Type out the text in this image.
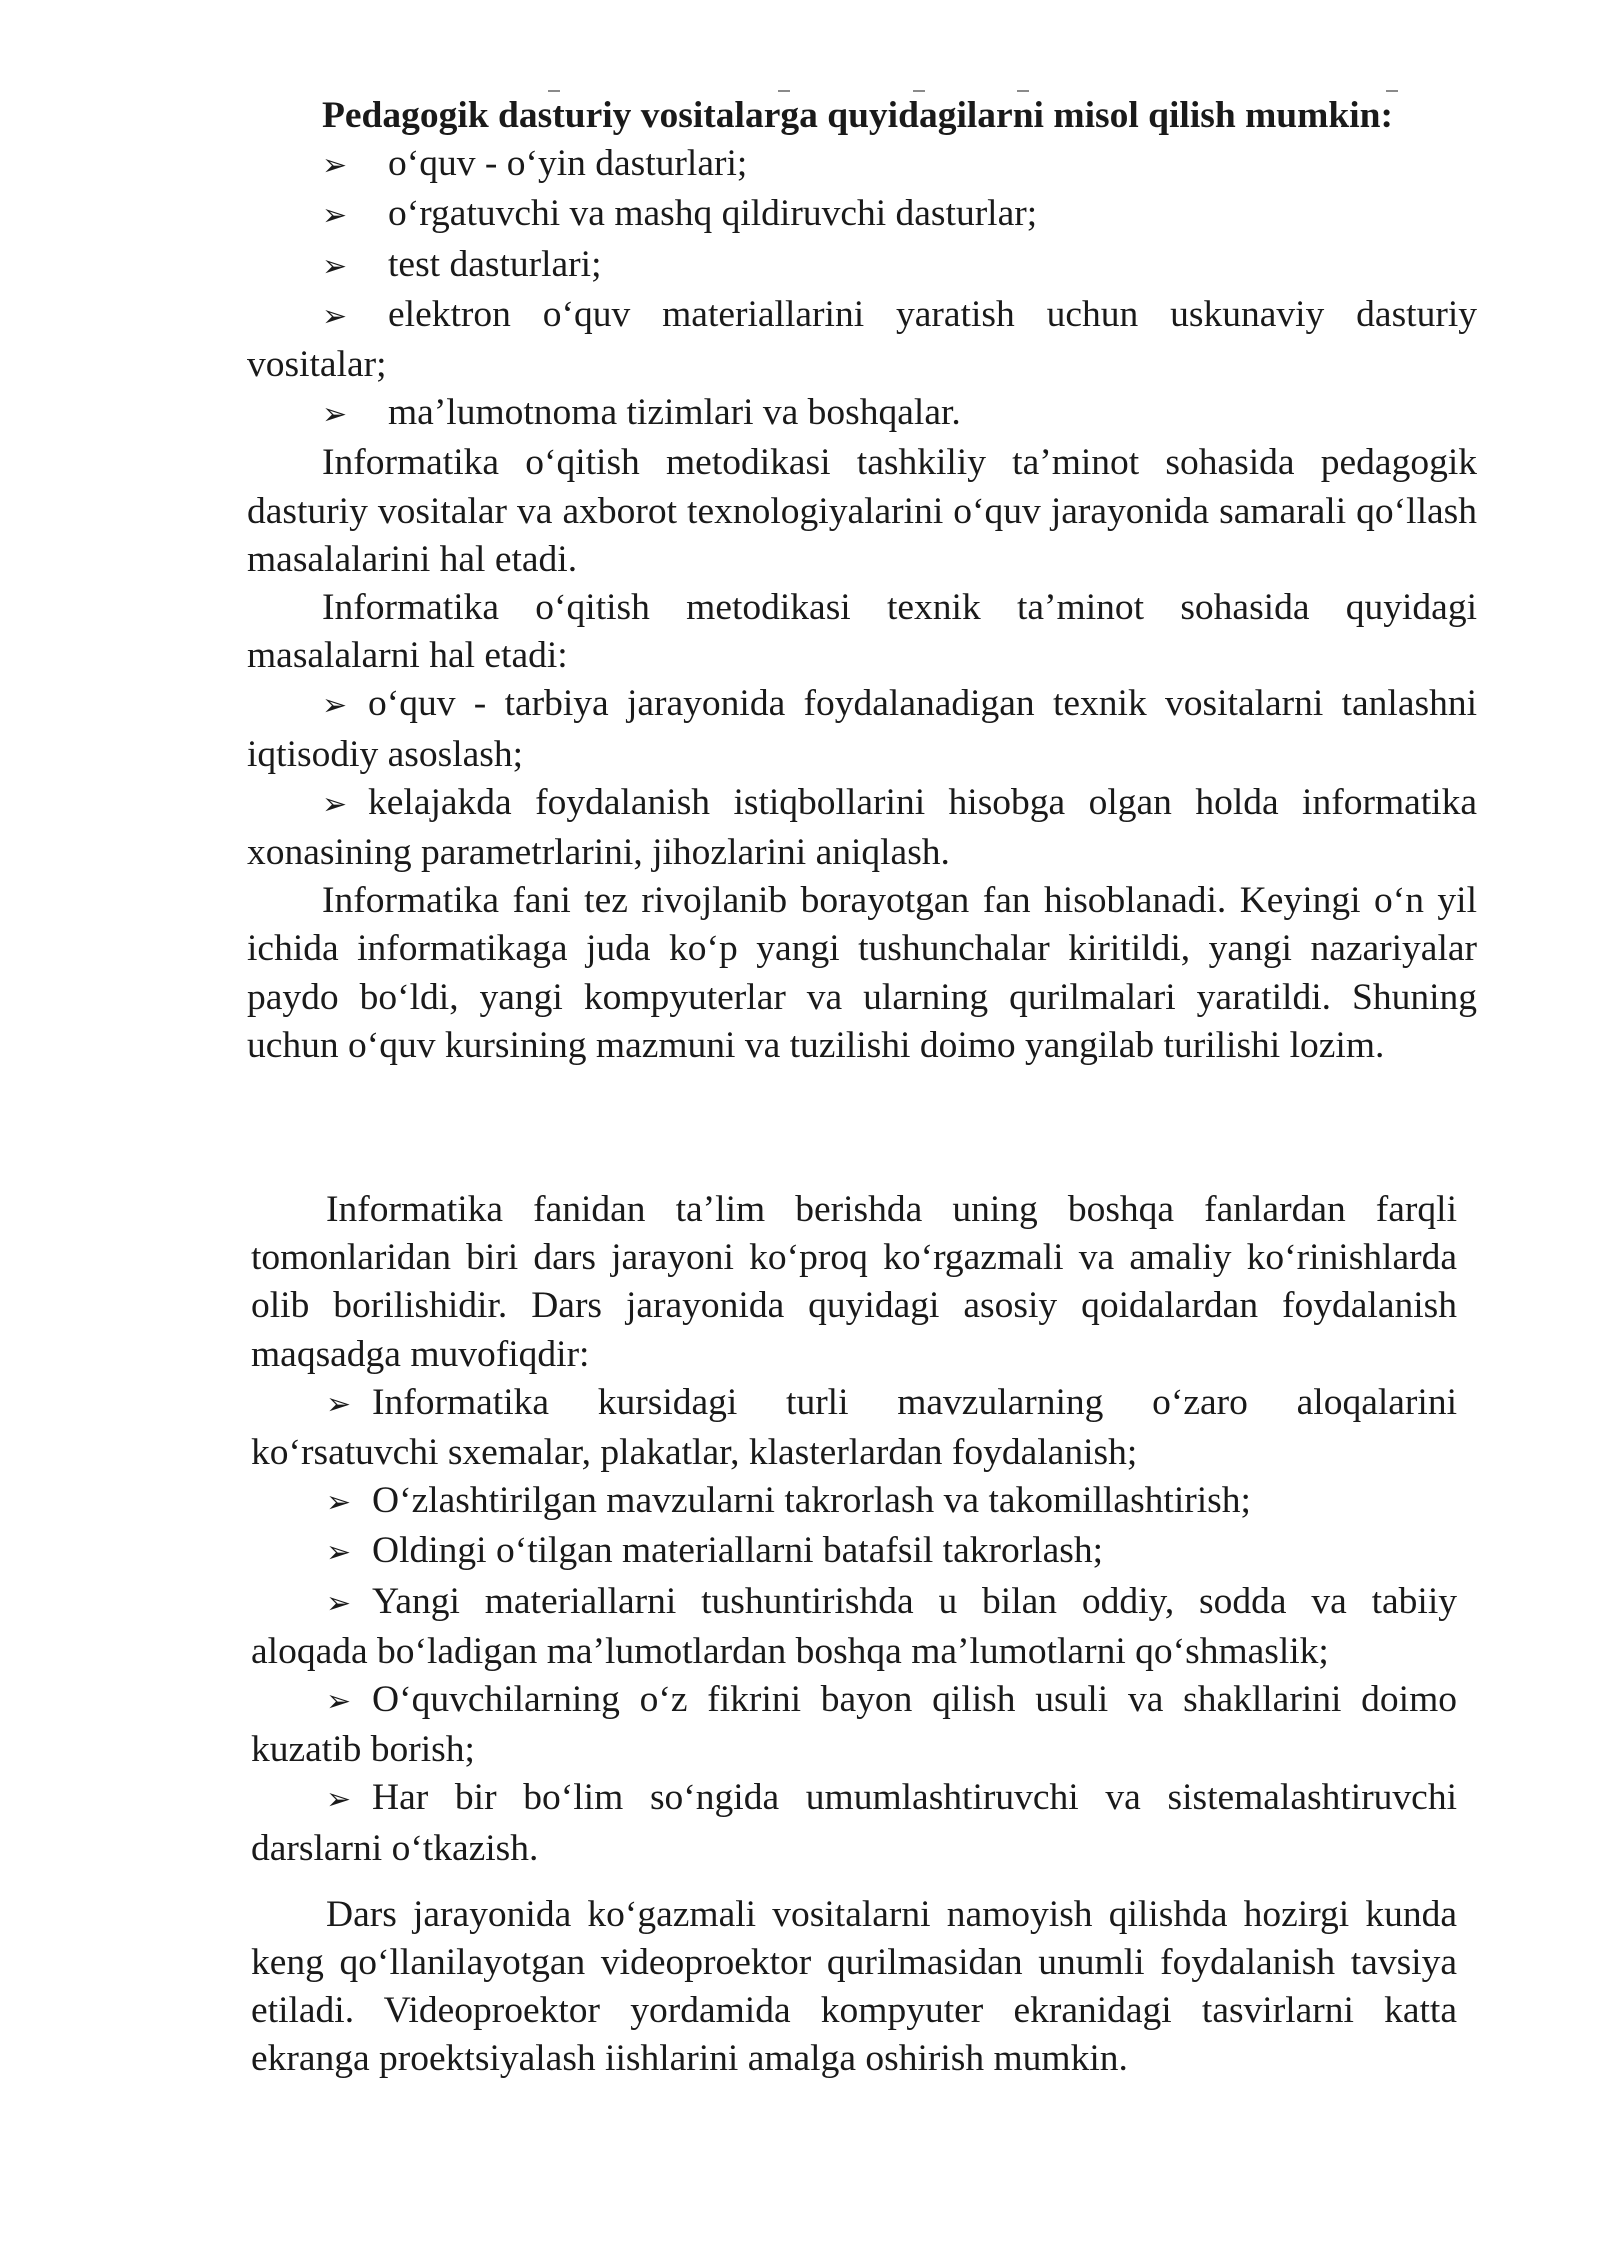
Pedagogik dasturiy vositalarga quyidagilarni misol qilish mumkin:

➢ o‘quv - o‘yin dasturlari;

➢ o‘rgatuvchi va mashq qildiruvchi dasturlar;

➢ test dasturlari;

➢ elektron o‘quv materiallarini yaratish uchun uskunaviy dasturiy vositalar;

➢ ma’lumotnoma tizimlari va boshqalar.

Informatika o‘qitish metodikasi tashkiliy ta’minot sohasida pedagogik dasturiy vositalar va axborot texnologiyalarini o‘quv jarayonida samarali qo‘llash masalalarini hal etadi.

Informatika o‘qitish metodikasi texnik ta’minot sohasida quyidagi masalalarni hal etadi:

➢ o‘quv - tarbiya jarayonida foydalanadigan texnik vositalarni tanlashni iqtisodiy asoslash;

➢ kelajakda foydalanish istiqbollarini hisobga olgan holda informatika xonasining parametrlarini, jihozlarini aniqlash.

Informatika fani tez rivojlanib borayotgan fan hisoblanadi. Keyingi o‘n yil ichida informatikaga juda ko‘p yangi tushunchalar kiritildi, yangi nazariyalar paydo bo‘ldi, yangi kompyuterlar va ularning qurilmalari yaratildi. Shuning uchun o‘quv kursining mazmuni va tuzilishi doimo yangilab turilishi lozim.

Informatika fanidan ta’lim berishda uning boshqa fanlardan farqli tomonlaridan biri dars jarayoni ko‘proq ko‘rgazmali va amaliy ko‘rinishlarda olib borilishidir. Dars jarayonida quyidagi asosiy qoidalardan foydalanish maqsadga muvofiqdir:

➢ Informatika kursidagi turli mavzularning o‘zaro aloqalarini ko‘rsatuvchi sxemalar, plakatlar, klasterlardan foydalanish;

➢ O‘zlashtirilgan mavzularni takrorlash va takomillashtirish;

➢ Oldingi o‘tilgan materiallarni batafsil takrorlash;

➢ Yangi materiallarni tushuntirishda u bilan oddiy, sodda va tabiiy aloqada bo‘ladigan ma’lumotlardan boshqa ma’lumotlarni qo‘shmaslik;

➢ O‘quvchilarning o‘z fikrini bayon qilish usuli va shakllarini doimo kuzatib borish;

➢ Har bir bo‘lim so‘ngida umumlashtiruvchi va sistemalashtiruvchi darslarni o‘tkazish.

Dars jarayonida ko‘gazmali vositalarni namoyish qilishda hozirgi kunda keng qo‘llanilayotgan videoproektor qurilmasidan unumli foydalanish tavsiya etiladi. Videoproektor yordamida kompyuter ekranidagi tasvirlarni katta ekranga proektsiyalash iishlarini amalga oshirish mumkin.
